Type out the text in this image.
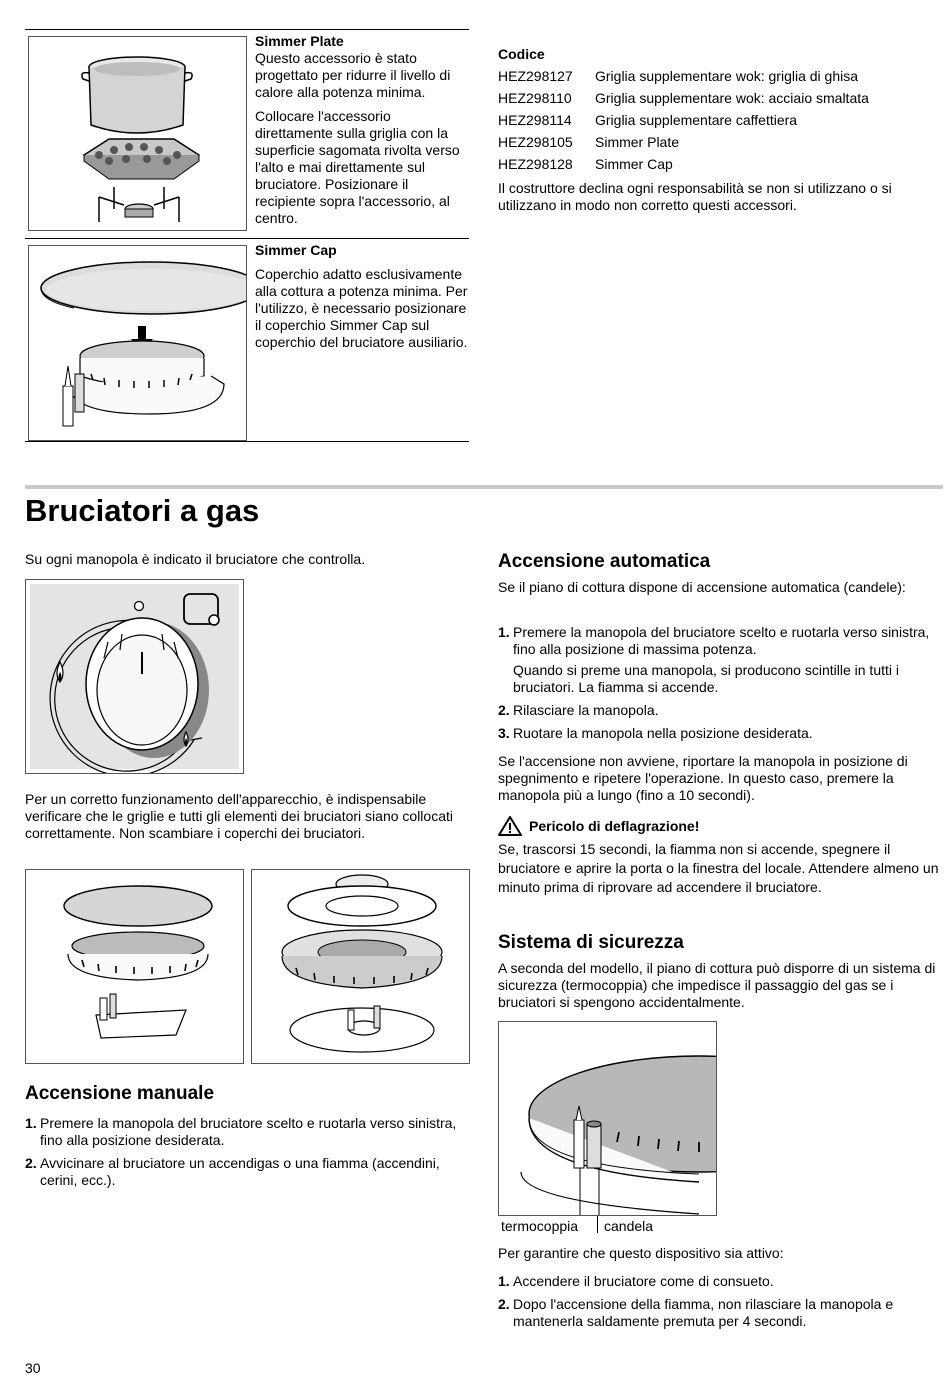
Simmer Plate

Questo accessorio è stato progettato per ridurre il livello di calore alla potenza minima.

Collocare l'accessorio direttamente sulla griglia con la superficie sagomata rivolta verso l'alto e mai direttamente sul bruciatore. Posizionare il recipiente sopra l'accessorio, al centro.

Simmer Cap

Coperchio adatto esclusivamente alla cottura a potenza minima. Per l'utilizzo, è necessario posizionare il coperchio Simmer Cap sul coperchio del bruciatore ausiliario.

Codice
HEZ298127	Griglia supplementare wok: griglia di ghisa
HEZ298110	Griglia supplementare wok: acciaio smaltata
HEZ298114	Griglia supplementare caffettiera
HEZ298105	Simmer Plate
HEZ298128	Simmer Cap

Il costruttore declina ogni responsabilità se non si utilizzano o si utilizzano in modo non corretto questi accessori.

Bruciatori a gas

Su ogni manopola è indicato il bruciatore che controlla.

Per un corretto funzionamento dell'apparecchio, è indispensabile verificare che le griglie e tutti gli elementi dei bruciatori siano collocati correttamente. Non scambiare i coperchi dei bruciatori.

Accensione manuale
1. Premere la manopola del bruciatore scelto e ruotarla verso sinistra, fino alla posizione desiderata.
2. Avvicinare al bruciatore un accendigas o una fiamma (accendini, cerini, ecc.).
30
Accensione automatica

Se il piano di cottura dispone di accensione automatica (candele):

1. Premere la manopola del bruciatore scelto e ruotarla verso sinistra, fino alla posizione di massima potenza.
Quando si preme una manopola, si producono scintille in tutti i bruciatori. La fiamma si accende.
2. Rilasciare la manopola.
3. Ruotare la manopola nella posizione desiderata.

Se l'accensione non avviene, riportare la manopola in posizione di spegnimento e ripetere l'operazione. In questo caso, premere la manopola più a lungo (fino a 10 secondi).

Pericolo di deflagrazione!

Se, trascorsi 15 secondi, la fiamma non si accende, spegnere il bruciatore e aprire la porta o la finestra del locale. Attendere almeno un minuto prima di riprovare ad accendere il bruciatore.

Sistema di sicurezza

A seconda del modello, il piano di cottura può disporre di un sistema di sicurezza (termocoppia) che impedisce il passaggio del gas se i bruciatori si spengono accidentalmente.

termocoppia candela

Per garantire che questo dispositivo sia attivo:

1. Accendere il bruciatore come di consueto.
2. Dopo l'accensione della fiamma, non rilasciare la manopola e mantenerla saldamente premuta per 4 secondi.
